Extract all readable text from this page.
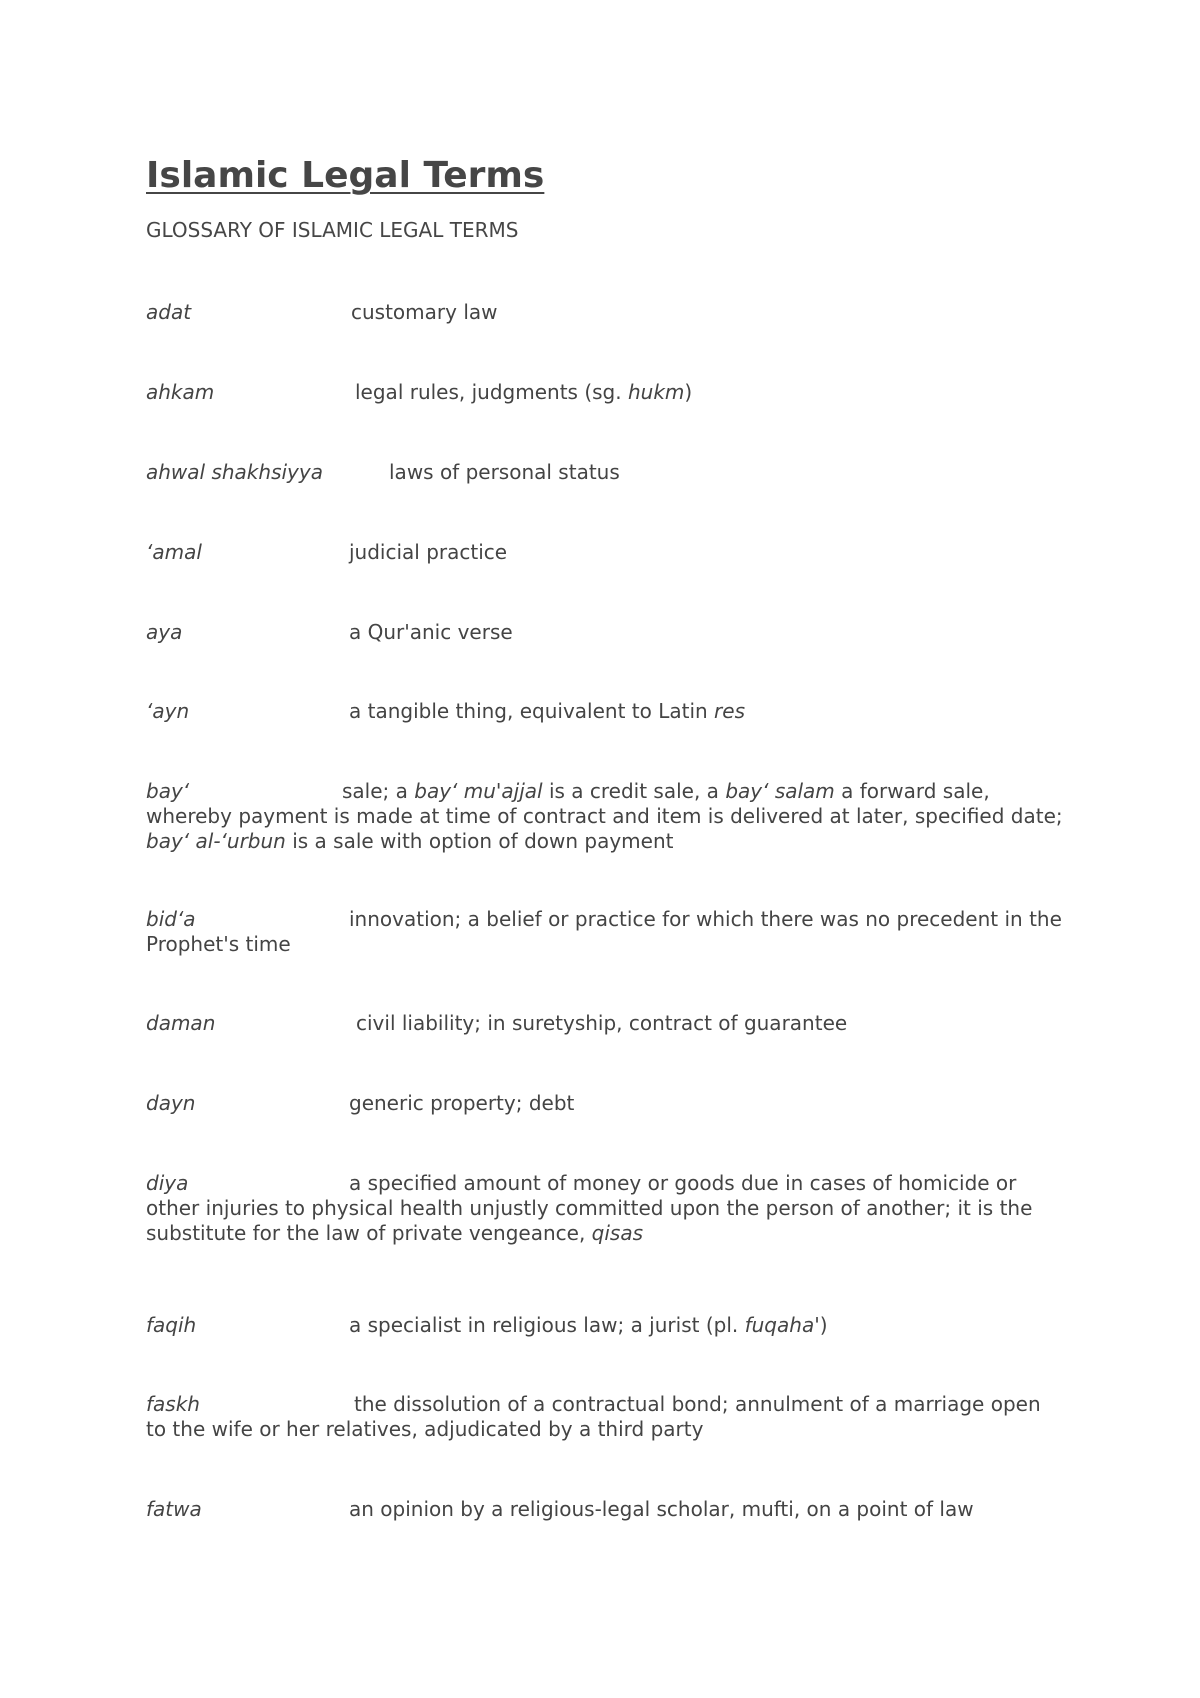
Islamic Legal Terms
GLOSSARY OF ISLAMIC LEGAL TERMS
adat	customary law

ahkam	legal rules, judgments (sg. hukm)

ahwal shakhsiyya	laws of personal status

‘amal	judicial practice

aya	a Qur'anic verse

‘ayn	a tangible thing, equivalent to Latin res

bay‘	sale; a bay‘ mu'ajjal is a credit sale, a bay‘ salam a forward sale, whereby payment is made at time of contract and item is delivered at later, specified date; bay‘ al-‘urbun is a sale with option of down payment

bid‘a	innovation; a belief or practice for which there was no precedent in the Prophet's time

daman	civil liability; in suretyship, contract of guarantee

dayn	generic property; debt

diya	a specified amount of money or goods due in cases of homicide or other injuries to physical health unjustly committed upon the person of another; it is the substitute for the law of private vengeance, qisas

faqih	a specialist in religious law; a jurist (pl. fuqaha')

faskh	the dissolution of a contractual bond; annulment of a marriage open to the wife or her relatives, adjudicated by a third party

fatwa	an opinion by a religious-legal scholar, mufti, on a point of law
